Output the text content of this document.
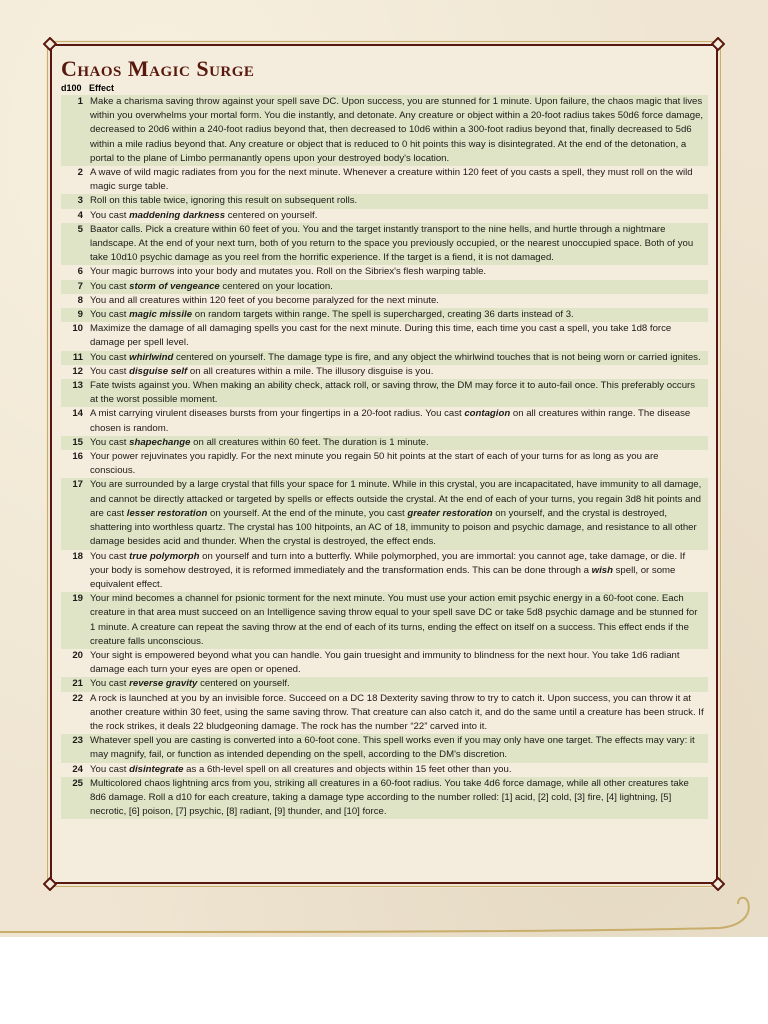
Chaos Magic Surge
d100 Effect
1 Make a charisma saving throw against your spell save DC. Upon success, you are stunned for 1 minute. Upon failure, the chaos magic that lives within you overwhelms your mortal form. You die instantly, and detonate. Any creature or object within a 20-foot radius takes 50d6 force damage, decreased to 20d6 within a 240-foot radius beyond that, then decreased to 10d6 within a 300-foot radius beyond that, finally decreased to 5d6 within a mile radius beyond that. Any creature or object that is reduced to 0 hit points this way is disintegrated. At the end of the detonation, a portal to the plane of Limbo permanantly opens upon your destroyed body's location.
2 A wave of wild magic radiates from you for the next minute. Whenever a creature within 120 feet of you casts a spell, they must roll on the wild magic surge table.
3 Roll on this table twice, ignoring this result on subsequent rolls.
4 You cast maddening darkness centered on yourself.
5 Baator calls. Pick a creature within 60 feet of you. You and the target instantly transport to the nine hells, and hurtle through a nightmare landscape. At the end of your next turn, both of you return to the space you previously occupied, or the nearest unoccupied space. Both of you take 10d10 psychic damage as you reel from the horrific experience. If the target is a fiend, it is not damaged.
6 Your magic burrows into your body and mutates you. Roll on the Sibriex's flesh warping table.
7 You cast storm of vengeance centered on your location.
8 You and all creatures within 120 feet of you become paralyzed for the next minute.
9 You cast magic missile on random targets within range. The spell is supercharged, creating 36 darts instead of 3.
10 Maximize the damage of all damaging spells you cast for the next minute. During this time, each time you cast a spell, you take 1d8 force damage per spell level.
11 You cast whirlwind centered on yourself. The damage type is fire, and any object the whirlwind touches that is not being worn or carried ignites.
12 You cast disguise self on all creatures within a mile. The illusory disguise is you.
13 Fate twists against you. When making an ability check, attack roll, or saving throw, the DM may force it to auto-fail once. This preferably occurs at the worst possible moment.
14 A mist carrying virulent diseases bursts from your fingertips in a 20-foot radius. You cast contagion on all creatures within range. The disease chosen is random.
15 You cast shapechange on all creatures within 60 feet. The duration is 1 minute.
16 Your power rejuvinates you rapidly. For the next minute you regain 50 hit points at the start of each of your turns for as long as you are conscious.
17 You are surrounded by a large crystal that fills your space for 1 minute. While in this crystal, you are incapacitated, have immunity to all damage, and cannot be directly attacked or targeted by spells or effects outside the crystal. At the end of each of your turns, you regain 3d8 hit points and are cast lesser restoration on yourself. At the end of the minute, you cast greater restoration on yourself, and the crystal is destroyed, shattering into worthless quartz. The crystal has 100 hitpoints, an AC of 18, immunity to poison and psychic damage, and resistance to all other damage besides acid and thunder. When the crystal is destroyed, the effect ends.
18 You cast true polymorph on yourself and turn into a butterfly. While polymorphed, you are immortal: you cannot age, take damage, or die. If your body is somehow destroyed, it is reformed immediately and the transformation ends. This can be done through a wish spell, or some equivalent effect.
19 Your mind becomes a channel for psionic torment for the next minute. You must use your action emit psychic energy in a 60-foot cone. Each creature in that area must succeed on an Intelligence saving throw equal to your spell save DC or take 5d8 psychic damage and be stunned for 1 minute. A creature can repeat the saving throw at the end of each of its turns, ending the effect on itself on a success. This effect ends if the creature falls unconscious.
20 Your sight is empowered beyond what you can handle. You gain truesight and immunity to blindness for the next hour. You take 1d6 radiant damage each turn your eyes are open or opened.
21 You cast reverse gravity centered on yourself.
22 A rock is launched at you by an invisible force. Succeed on a DC 18 Dexterity saving throw to try to catch it. Upon success, you can throw it at another creature within 30 feet, using the same saving throw. That creature can also catch it, and do the same until a creature has been struck. If the rock strikes, it deals 22 bludgeoning damage. The rock has the number “22” carved into it.
23 Whatever spell you are casting is converted into a 60-foot cone. This spell works even if you may only have one target. The effects may vary: it may magnify, fail, or function as intended depending on the spell, according to the DM's discretion.
24 You cast disintegrate as a 6th-level spell on all creatures and objects within 15 feet other than you.
25 Multicolored chaos lightning arcs from you, striking all creatures in a 60-foot radius. You take 4d6 force damage, while all other creatures take 8d6 damage. Roll a d10 for each creature, taking a damage type according to the number rolled: [1] acid, [2] cold, [3] fire, [4] lightning, [5] necrotic, [6] poison, [7] psychic, [8] radiant, [9] thunder, and [10] force.
